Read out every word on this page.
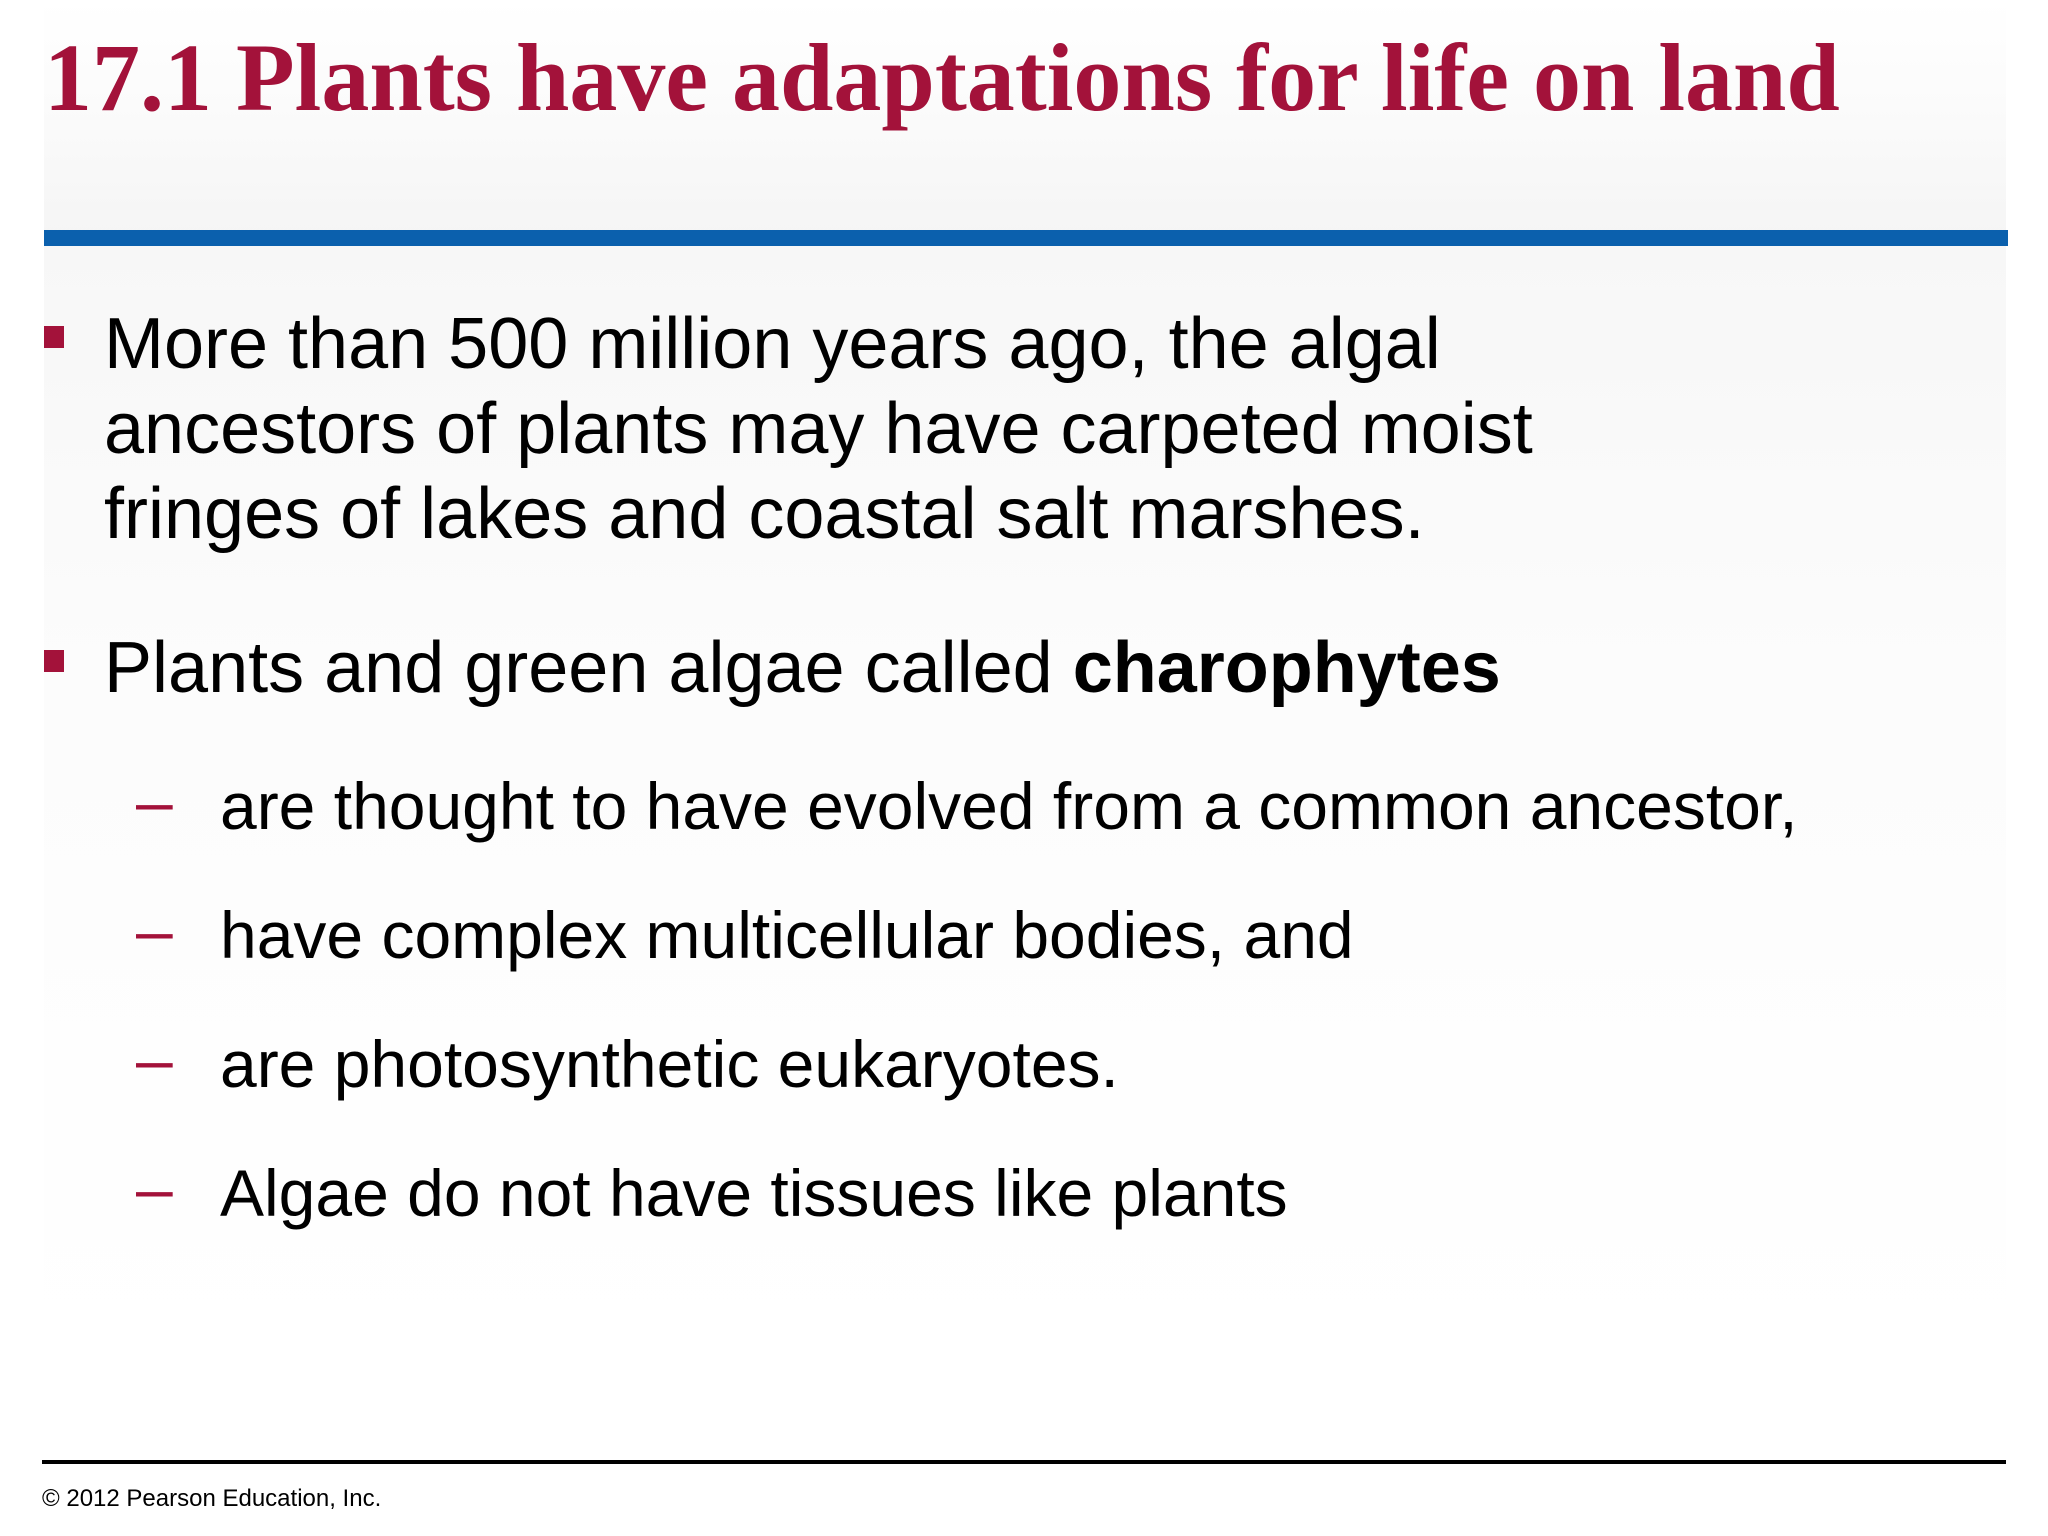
17.1 Plants have adaptations for life on land
More than 500 million years ago, the algal
ancestors of plants may have carpeted moist
fringes of lakes and coastal salt marshes.
Plants and green algae called charophytes
– are thought to have evolved from a common ancestor,
– have complex multicellular bodies, and
– are photosynthetic eukaryotes.
– Algae do not have tissues like plants
© 2012 Pearson Education, Inc.
